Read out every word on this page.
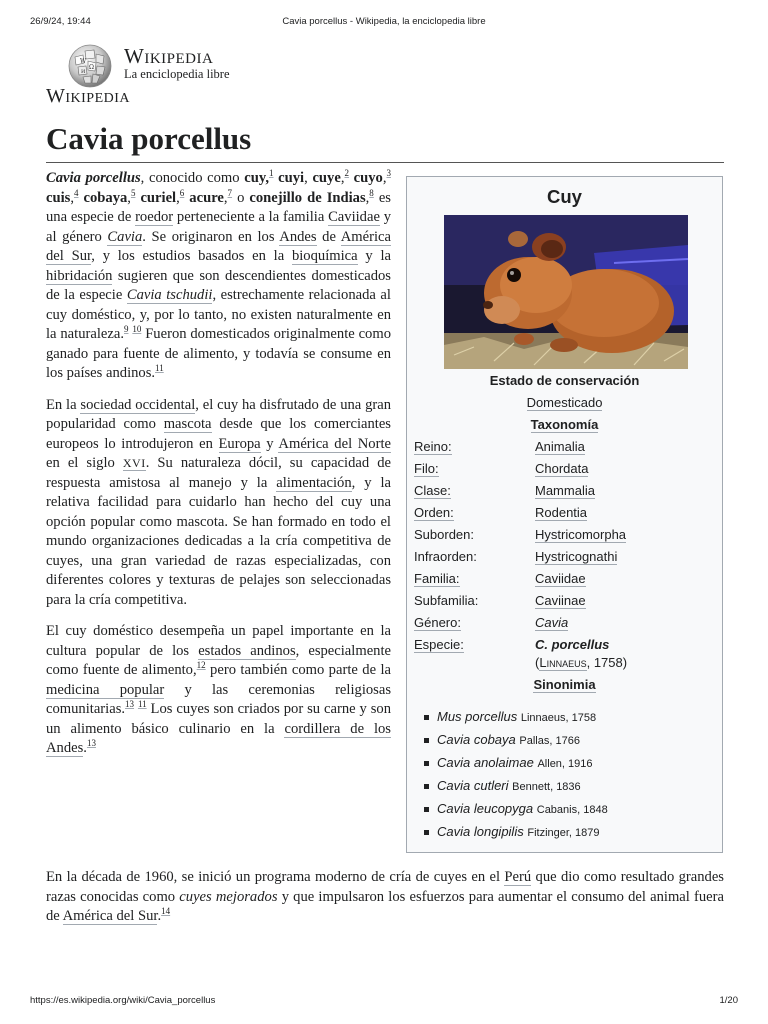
26/9/24, 19:44	Cavia porcellus - Wikipedia, la enciclopedia libre
W
Ω
И
Wikipedia
La enciclopedia libre
Wikipedia
Cavia porcellus

Cavia porcellus, conocido como cuy,$^1$ cuyi, cuye,$^2$ cuyo,$^3$ cuis,$^4$ cobaya,$^5$ curiel,$^6$ acure,$^7$ o conejillo de Indias,$^8$ es una especie de roedor perteneciente a la familia Caviidae y al género Cavia. Se originaron en los Andes de América del Sur, y los estudios basados en la bioquímica y la hibridación sugieren que son descendientes domesticados de la especie Cavia tschudii, estrechamente relacionada al cuy doméstico, y, por lo tanto, no existen naturalmente en la naturaleza.$^9$ $^{10}$ Fueron domesticados originalmente como ganado para fuente de alimento, y todavía se consume en los países andinos.$^{11}$

En la sociedad occidental, el cuy ha disfrutado de una gran popularidad como mascota desde que los comerciantes europeos lo introdujeron en Europa y América del Norte en el siglo XVI. Su naturaleza dócil, su capacidad de respuesta amistosa al manejo y la alimentación, y la relativa facilidad para cuidarlo han hecho del cuy una opción popular como mascota. Se han formado en todo el mundo organizaciones dedicadas a la cría competitiva de cuyes, una gran variedad de razas especializadas, con diferentes colores y texturas de pelajes son seleccionadas para la cría competitiva.

El cuy doméstico desempeña un papel importante en la cultura popular de los estados andinos, especialmente como fuente de alimento,$^{12}$ pero también como parte de la medicina popular y las ceremonias religiosas comunitarias.$^{13}$ $^{11}$ Los cuyes son criados por su carne y son un alimento básico culinario en la cordillera de los Andes.$^{13}$

En la década de 1960, se inició un programa moderno de cría de cuyes en el Perú que dio como resultado grandes razas conocidas como cuyes mejorados y que impulsaron los esfuerzos para aumentar el consumo del animal fuera de América del Sur.$^{14}$

Cuy
Estado de conservación
Domesticado
Taxonomía
Reino:	Animalia
Filo:	Chordata
Clase:	Mammalia
Orden:	Rodentia
Suborden:	Hystricomorpha
Infraorden:	Hystricognathi
Familia:	Caviidae
Subfamilia:	Caviinae
Género:	Cavia
Especie:	C. porcellus
(Linnaeus, 1758)
Sinonimia
Mus porcellus Linnaeus, 1758
Cavia cobaya Pallas, 1766
Cavia anolaimae Allen, 1916
Cavia cutleri Bennett, 1836
Cavia leucopyga Cabanis, 1848
Cavia longipilis Fitzinger, 1879
https://es.wikipedia.org/wiki/Cavia_porcellus	1/20
